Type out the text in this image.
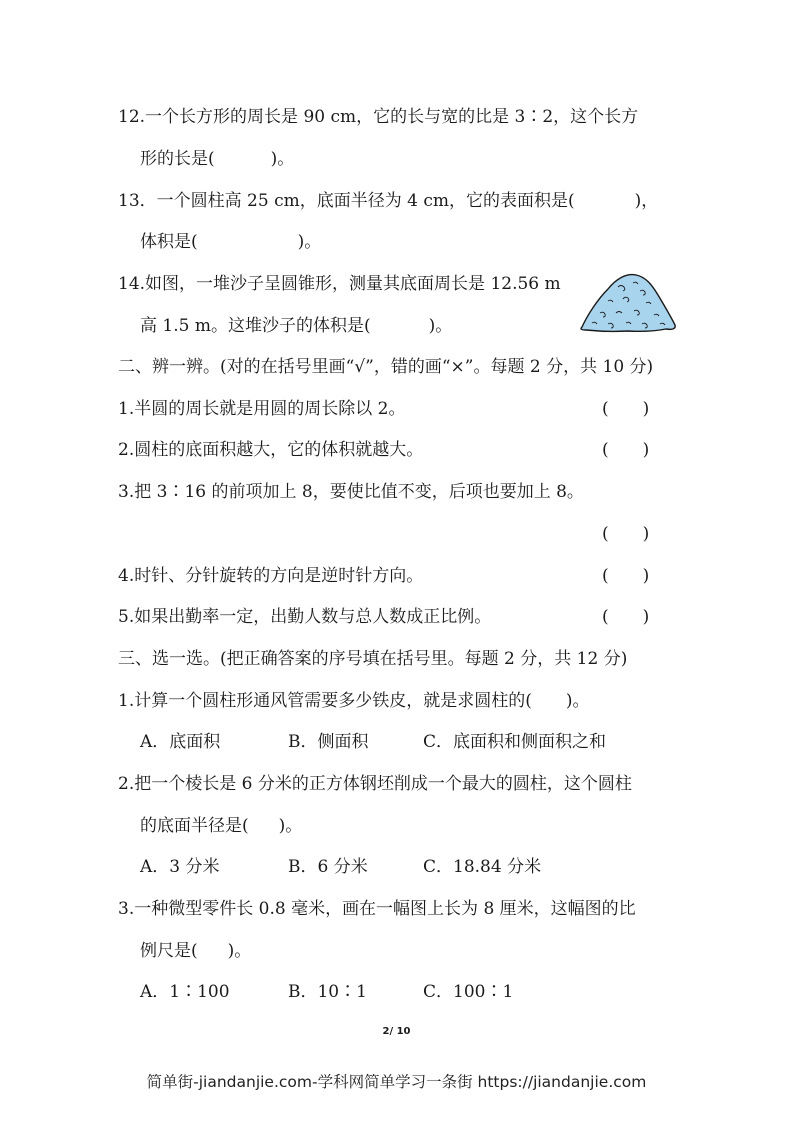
12.一个长方形的周长是 90 cm，它的长与宽的比是 3∶2，这个长方
形的长是(	)。
13．一个圆柱高 25 cm，底面半径为 4 cm，它的表面积是(	)，
体积是(	)。
14.如图，一堆沙子呈圆锥形，测量其底面周长是 12.56 m
高 1.5 m。这堆沙子的体积是(	)。
二、辨一辨。(对的在括号里画“√”，错的画“×”。每题 2 分，共 10 分)
1.半圆的周长就是用圆的周长除以 2。	(　　)
2.圆柱的底面积越大，它的体积就越大。	(　　)
3.把 3∶16 的前项加上 8，要使比值不变，后项也要加上 8。
(　　)
4.时针、分针旋转的方向是逆时针方向。	(　　)
5.如果出勤率一定，出勤人数与总人数成正比例。	(　　)
三、选一选。(把正确答案的序号填在括号里。每题 2 分，共 12 分)
1.计算一个圆柱形通风管需要多少铁皮，就是求圆柱的( )。
A．底面积	B．侧面积	C．底面积和侧面积之和
2.把一个棱长是 6 分米的正方体钢坯削成一个最大的圆柱，这个圆柱
的底面半径是( )。
A．3 分米	B．6 分米	C．18.84 分米
3.一种微型零件长 0.8 毫米，画在一幅图上长为 8 厘米，这幅图的比
例尺是( )。
A．1∶100	B．10∶1	C．100∶1
2/ 10
简单街-jiandanjie.com-学科网简单学习一条街 https://jiandanjie.com
